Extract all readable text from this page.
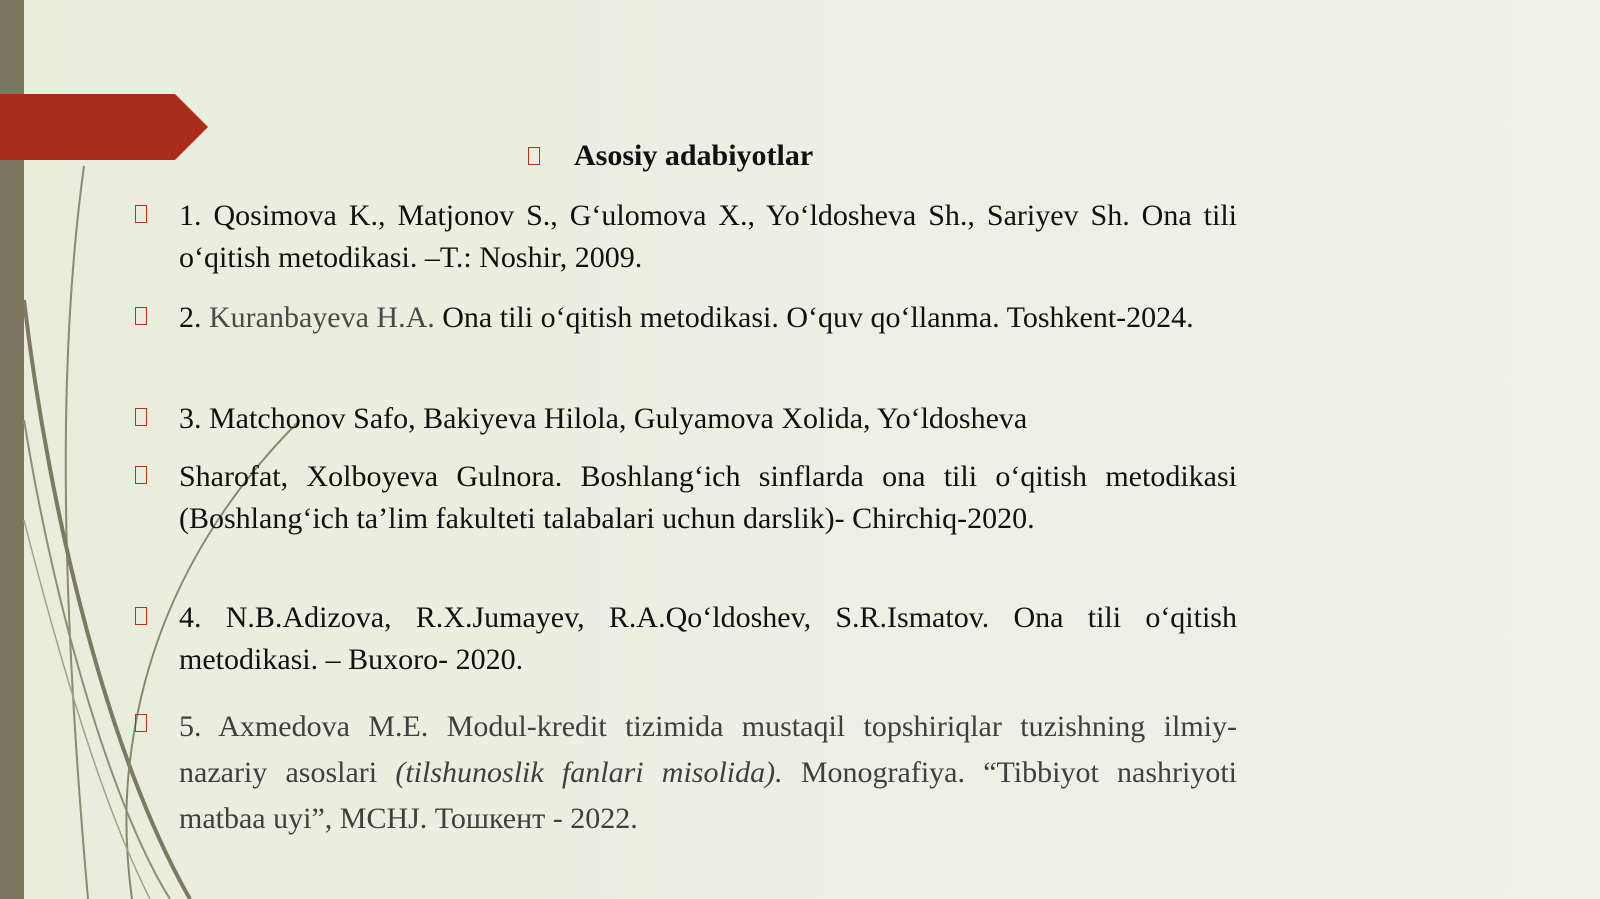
Asosiy adabiyotlar
1. Qosimova K., Matjonov S., G‘ulomova X., Yo‘ldosheva Sh., Sariyev Sh. Ona tili o‘qitish metodikasi. –T.: Noshir, 2009.
2. Kuranbayeva H.A. Ona tili o‘qitish metodikasi. O‘quv qo‘llanma. Toshkent-2024.
3. Matchonov Safo, Bakiyeva Hilola, Gulyamova Xolida, Yo‘ldosheva
Sharofat, Xolboyeva Gulnora. Boshlang‘ich sinflarda ona tili o‘qitish metodikasi (Boshlang‘ich ta’lim fakulteti talabalari uchun darslik)- Chirchiq-2020.
4. N.B.Adizova, R.X.Jumayev, R.A.Qo‘ldoshev, S.R.Ismatov. Ona tili o‘qitish metodikasi. – Buxoro- 2020.
5. Axmedova M.E. Modul-kredit tizimida mustaqil topshiriqlar tuzishning ilmiy-nazariy asoslari (tilshunoslik fanlari misolida). Monografiya. “Tibbiyot nashriyoti matbaa uyi”, MCHJ. Тошкент - 2022.
